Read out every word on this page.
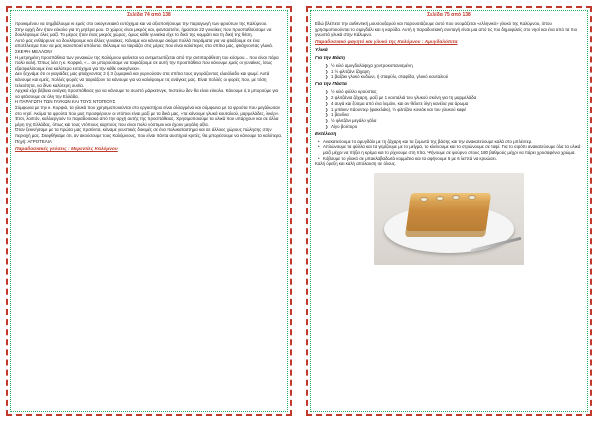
Σελίδα 74 από 138

προικιμένου να σημβάλουμε κι εμείς στο οικογενειακό ευτύχημα και να αξιοποιήσουμε την παραγωγή των φρούτων της Καλύμνου.

Στην αρχή δεν ήταν εύκολο για τη μητέρα μου. Ο χώρος είναι μικρός και, φανταστείτε, ήμασταν 22 γυναίκες που προσπαθούσαμε να δουλέψουμε όλες μαζί. Το μέρος ήταν ένας μικρός χώρος, όμως κάθε γυναίκα είχε το δικό της κομμάτι και τη δική της θέση.

Αυτό μας ενθάρρυνε να δουλέψουμε και άλλες γυναίκες. Κάναμε και κάνουμε ακόμα πολλά πειράματα για να φτιάξουμε σε ένα αποτέλεσμα που να μας ικανοποιεί απόλυτα. Θέλουμε να ταιριάζει στις μέρες που είναι καλύτερες στα σπίτια μας, φτιάχνοντας γλυκά.

ΣΚΕΨΗ ΜΕΛΛΟΝ!

Η μετρημένη προσπάθεια των γυναικών της Καλύμνου φαίνεται να αντιμετωπίζεται από την αντιπαράθεση του κόσμου... που είναι πάρα πολύ καλή. Όπως λέει η κ. Κορφιά, «... αν μπορούσαμε να ταιριάζουμε σε αυτή την προσπάθεια που κάνουμε εμείς οι γυναίκες, ίσως εξασφαλίσουμε ένα καλύτερο ευτύχημα για την κάθε οικογένεια».

Δεν ξεχνάμε ότι οι γιαγιάδες μας φτιάχνοντας 2 ή 3 ζυμαρικά και γυρνούσαν στα σπίτια τους αγοράζοντας ελαιόλαδο και ψωμί. Αυτά κάνουμε και εμείς, πολλές φορές να ταιριάζουν τα κάνουμε για να καλύψουμε τις ανάγκες μας. Είναι πολλές οι φορές που, με τόση τελειότητα, να δίνει καλύτερη ουσία.

Αρχικά είχε βέβαια ανάγκη προσπάθειας για να κάνουμε το σωστό μάρκετινγκ, πιστεύω δεν θα είναι εύκολο. Κάνουμε ό,τι μπορούμε για να φτάσουμε σε όλη την Ελλάδα.

Η ΠΑΡΑΓΩΓΗ ΤΩΝ ΓΛΥΚΩΝ ΚΑΙ ΤΟΥΣ ΝΤΟΠΙΟΥΣ

Σύμφωνα με την κ. Κορφιά, τα γλυκά που χρησιμοποιούνται στο εργαστήριο είναι αλλαγμένα και σύμφωνα με τα φρούτα που μεγάλωσαν στο νησί. Ακόμα τα φρούτα που μας προσφέρουν οι ντόπιοι είναι μαζί με τα δικά μας, «τα κάνουμε γλυκά κουταλιού, μαρμελάδες, λικέρ».

Έτσι, λοιπόν, καλλιεργούν το παραδοσιακό από την αρχή αυτής της προσπάθειας. Χρησιμοποιούμε τα υλικά που υπάρχουν και σε άλλα μέρη της Ελλάδας, όπως και τους ντόπιους καρπούς που είναι πολύ νόστιμοι και έχουν μεγάλη αξία.

Όταν ξεκινήσαμε με τα πρώτα μας προϊόντα, κάναμε γευστικές δοκιμές σε ένα πολυκαταστημα και σε άλλους χώρους πώλησης στην περιοχή μας. Σκεφθήκαμε ότι, αν ακούσουμε τους Καλύμνιους, που είναι πάντα αυστηροί κριτές, θα μπορέσουμε να κάνουμε τα καλύτερα.

Πηγή: ΑΓΡΟΤΕΛΙΑ
Παραδοσιακές γεύσεις : Μερεντίες Καλύμνου
Σελίδα 75 από 138

Εδώ βλέπετε την αυθεντική μουσουξαρού και παρουσιάζουμε αυτό που ονομάζεται «ελληνικό» γλυκό της Καλύμνου, όπου χρησιμοποιούνται το σιμιγδάλι και η καρύδα. Αυτή η παραδοσιακή συνταγή είναι μια από τις πιο δημοφιλείς στο νησί και ένα από τα πιο γνωστά γλυκά στην Κάλυμνο.

Παραδοσιακό φαγητό και γλυκό της Καλύμνου : Αμυγδαλόπιτα
Υλικά
Για την Βάση
❯ ½ κιλό αμυγδαλόψιχα χοντροκοπανισμένη
❯ 1 ½ φλιτζάνι ζάχαρη
❯ 1 βαζάκι γλυκό κυδώνι, ή σταφύλι, σταφίδα, γλυκό κουταλιού
Για την Πάστα
❯ ½ κιλό φύλλο κρούστας
❯ 2 φλιτζάνια ζάχαρη, μαζί με 1 κουταλιά του γλυκού σκόνη για τη μαρμελάδα
❯ 4 αυγά και ξύσμα από ένα λεμόνι, και αν θέλετε λίγη κανέλα για άρωμα
❯ 1 μπέικιν πάουντερ (φακελάκι), ½ φλιτζάνι κονιάκ και του γλυκού καφέ
❯ 1 βανίλια
❯ ½ φλιτζάνι μεγάλο γάλα
❯ Λίγο βούτυρο
Εκτέλεση
• Ανακατεύουμε το αμυγδάλι με τη ζάχαρη και τα ζυμωτά της βάσης και την ανακατεύουμε καλά στο μπλέντερ.
• Απλώνουμε τα φύλλα και τα γεμίζουμε με το μείγμα, το κλείνουμε και το στρώνουμε σε ταψί. Για το σιρόπι ανακατεύουμε όλα τα υλικά μαζί μέχρι να πήξει η κρέμα και το ρίχνουμε στη πίτα. Ψήνουμε σε φούρνο στους 180 βαθμούς μέχρι να πάρει χρυσαφένιο χρώμα.
• Κόβουμε το γλυκό σε μπακλαβαδωτά κομμάτια και τα αφήνουμε 5 με 6 λεπτά να κρυώσει.

Καλή όρεξη και καλή απόλαυση σε όλους.
